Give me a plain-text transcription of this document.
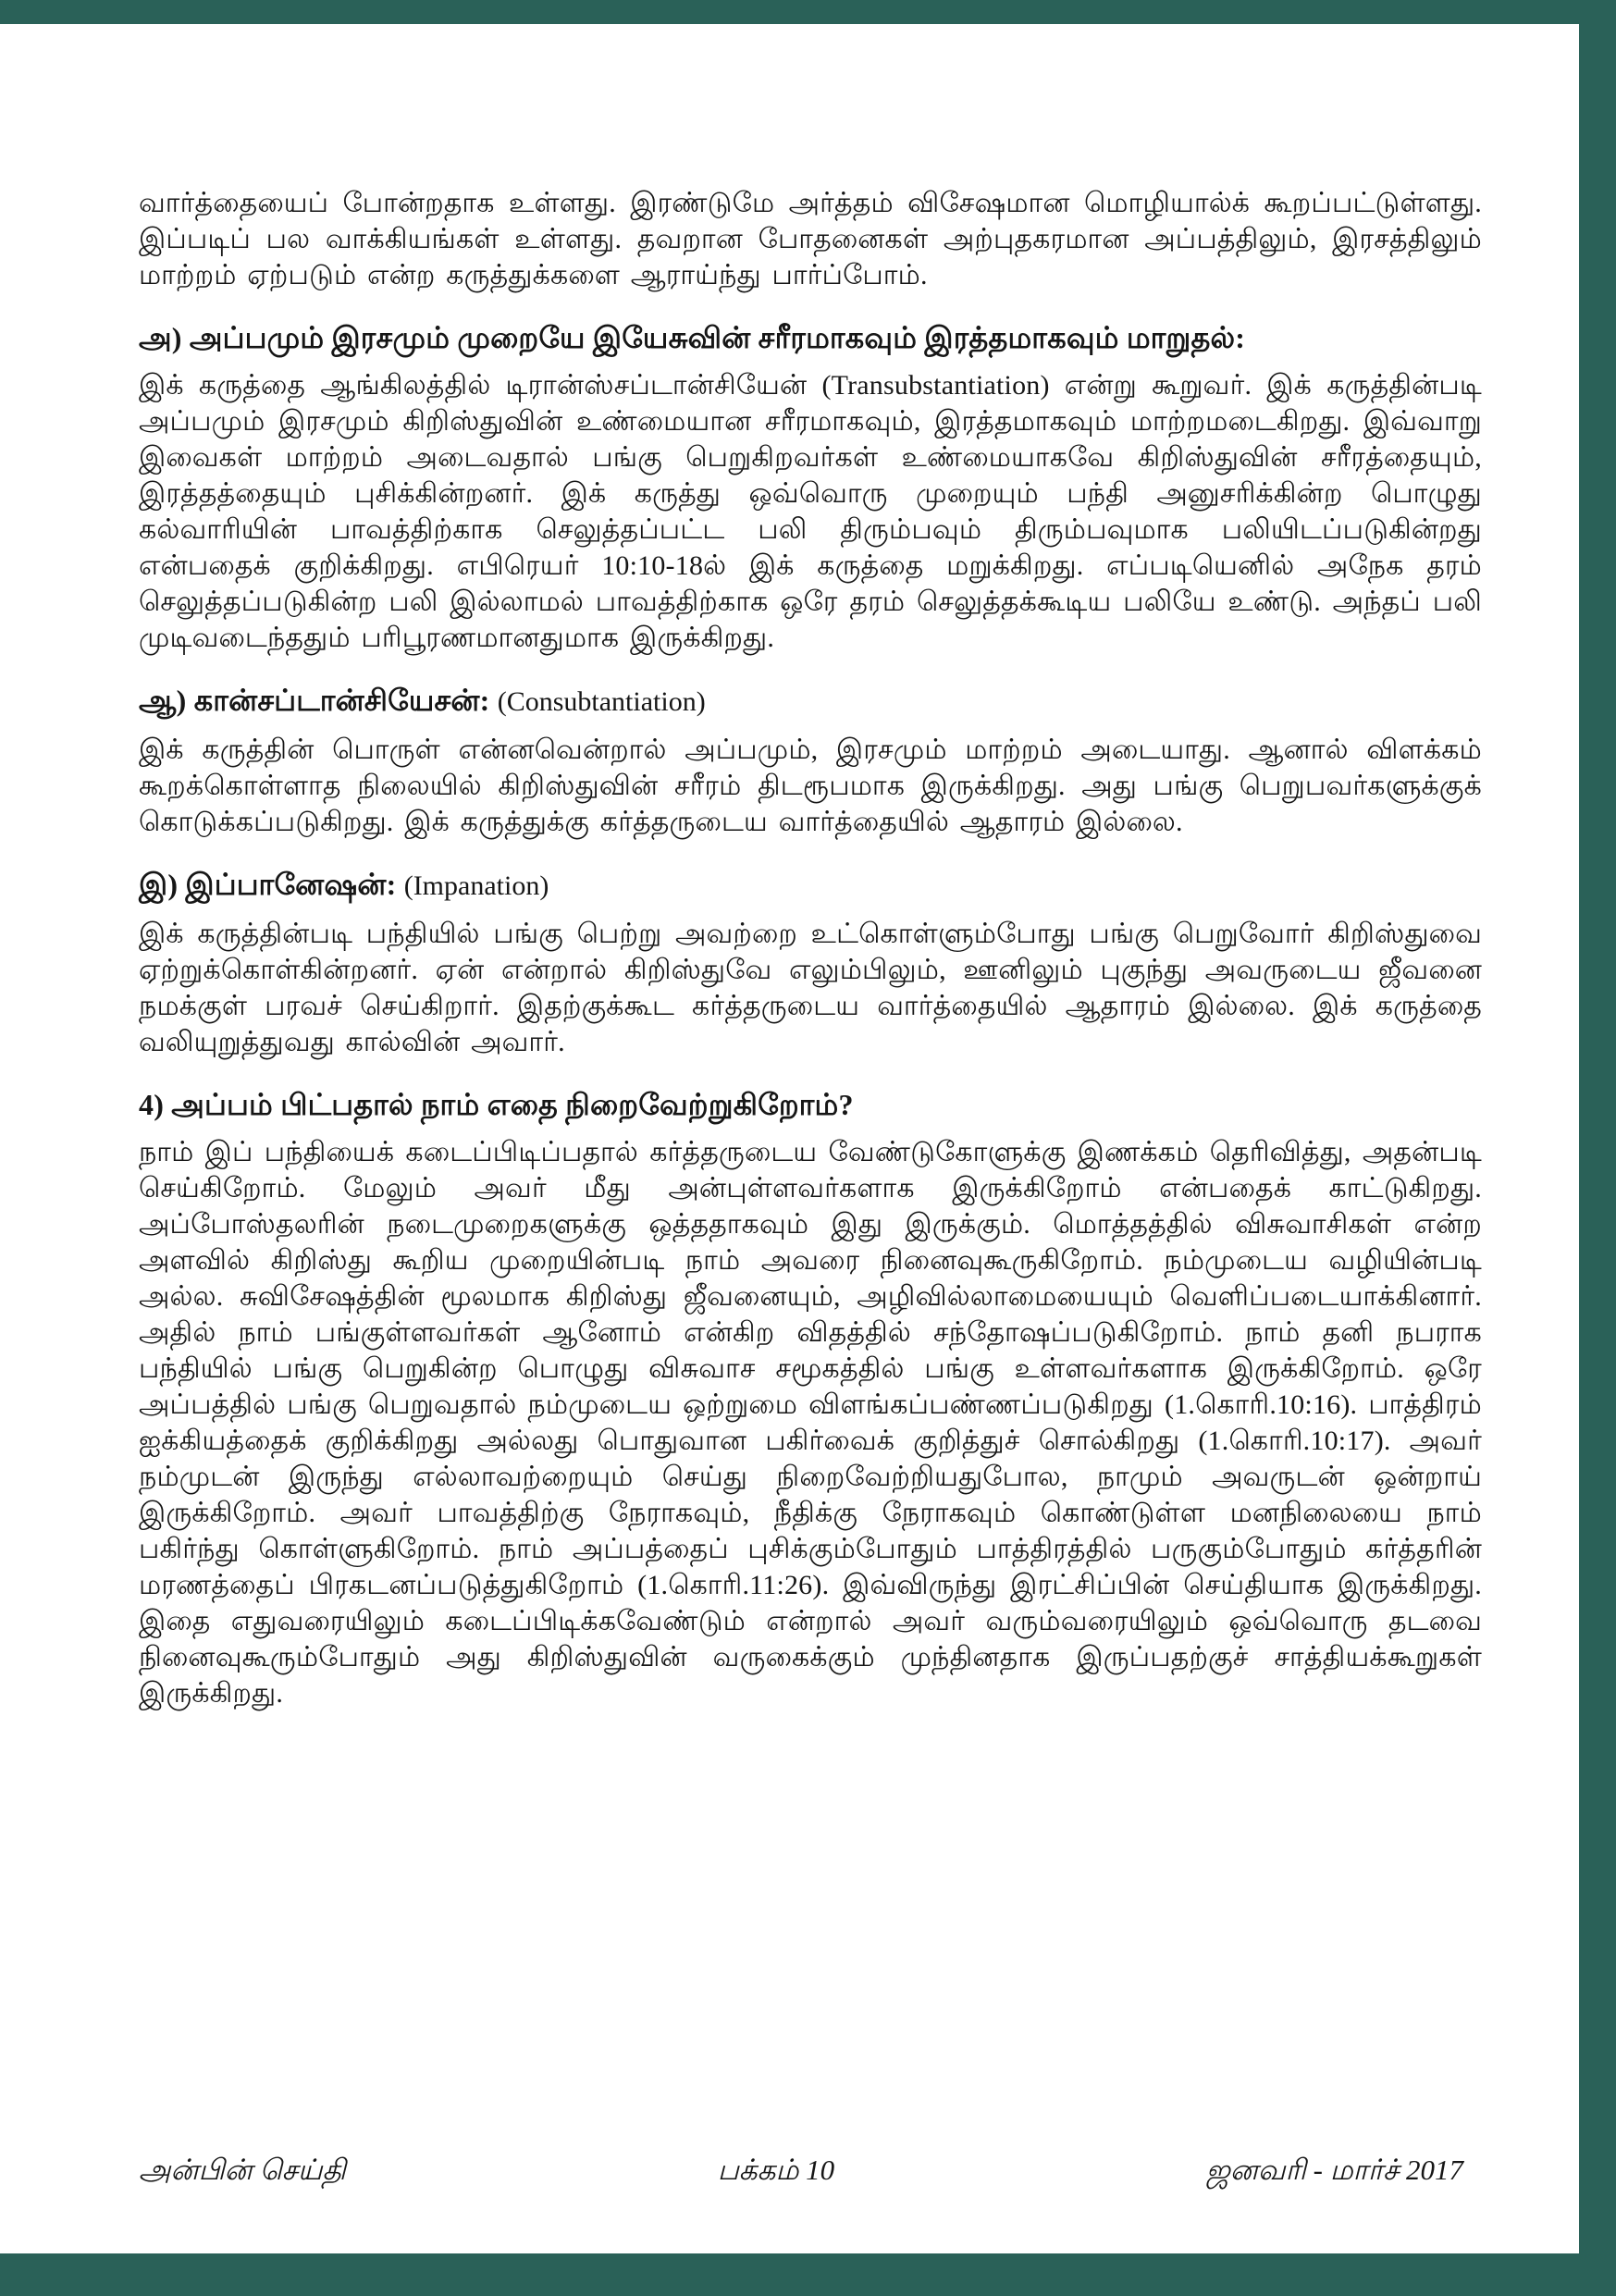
வார்த்தையைப் போன்றதாக உள்ளது. இரண்டுமே அர்த்தம் விசேஷமான மொழியால்க் கூறப்பட்டுள்ளது. இப்படிப் பல வாக்கியங்கள் உள்ளது. தவறான போதனைகள் அற்புதகரமான அப்பத்திலும், இரசத்திலும் மாற்றம் ஏற்படும் என்ற கருத்துக்களை ஆராய்ந்து பார்ப்போம்.

அ) அப்பமும் இரசமும் முறையே இயேசுவின் சரீரமாகவும் இரத்தமாகவும் மாறுதல்:

இக் கருத்தை ஆங்கிலத்தில் டிரான்ஸ்சப்டான்சியேன் (Transubstantiation) என்று கூறுவர். இக் கருத்தின்படி அப்பமும் இரசமும் கிறிஸ்துவின் உண்மையான சரீரமாகவும், இரத்தமாகவும் மாற்றமடைகிறது. இவ்வாறு இவைகள் மாற்றம் அடைவதால் பங்கு பெறுகிறவர்கள் உண்மையாகவே கிறிஸ்துவின் சரீரத்தையும், இரத்தத்தையும் புசிக்கின்றனர். இக் கருத்து ஒவ்வொரு முறையும் பந்தி அனுசரிக்கின்ற பொழுது கல்வாரியின் பாவத்திற்காக செலுத்தப்பட்ட பலி திரும்பவும் திரும்பவுமாக பலியிடப்படுகின்றது என்பதைக் குறிக்கிறது. எபிரெயர் 10:10-18ல் இக் கருத்தை மறுக்கிறது. எப்படியெனில் அநேக தரம் செலுத்தப்படுகின்ற பலி இல்லாமல் பாவத்திற்காக ஒரே தரம் செலுத்தக்கூடிய பலியே உண்டு. அந்தப் பலி முடிவடைந்ததும் பரிபூரணமானதுமாக இருக்கிறது.

ஆ) கான்சப்டான்சியேசன்: (Consubtantiation)

இக் கருத்தின் பொருள் என்னவென்றால் அப்பமும், இரசமும் மாற்றம் அடையாது. ஆனால் விளக்கம் கூறக்கொள்ளாத நிலையில் கிறிஸ்துவின் சரீரம் திடரூபமாக இருக்கிறது. அது பங்கு பெறுபவர்களுக்குக் கொடுக்கப்படுகிறது. இக் கருத்துக்கு கர்த்தருடைய வார்த்தையில் ஆதாரம் இல்லை.

இ) இப்பானேஷன்: (Impanation)

இக் கருத்தின்படி பந்தியில் பங்கு பெற்று அவற்றை உட்கொள்ளும்போது பங்கு பெறுவோர் கிறிஸ்துவை ஏற்றுக்கொள்கின்றனர். ஏன் என்றால் கிறிஸ்துவே எலும்பிலும், ஊனிலும் புகுந்து அவருடைய ஜீவனை நமக்குள் பரவச் செய்கிறார். இதற்குக்கூட கர்த்தருடைய வார்த்தையில் ஆதாரம் இல்லை. இக் கருத்தை வலியுறுத்துவது கால்வின் அவார்.

4) அப்பம் பிட்பதால் நாம் எதை நிறைவேற்றுகிறோம்?

நாம் இப் பந்தியைக் கடைப்பிடிப்பதால் கர்த்தருடைய வேண்டுகோளுக்கு இணக்கம் தெரிவித்து, அதன்படி செய்கிறோம். மேலும் அவர் மீது அன்புள்ளவர்களாக இருக்கிறோம் என்பதைக் காட்டுகிறது. அப்போஸ்தலரின் நடைமுறைகளுக்கு ஒத்ததாகவும் இது இருக்கும். மொத்தத்தில் விசுவாசிகள் என்ற அளவில் கிறிஸ்து கூறிய முறையின்படி நாம் அவரை நினைவுகூருகிறோம். நம்முடைய வழியின்படி அல்ல. சுவிசேஷத்தின் மூலமாக கிறிஸ்து ஜீவனையும், அழிவில்லாமையையும் வெளிப்படையாக்கினார். அதில் நாம் பங்குள்ளவர்கள் ஆனோம் என்கிற விதத்தில் சந்தோஷப்படுகிறோம். நாம் தனி நபராக பந்தியில் பங்கு பெறுகின்ற பொழுது விசுவாச சமூகத்தில் பங்கு உள்ளவர்களாக இருக்கிறோம். ஒரே அப்பத்தில் பங்கு பெறுவதால் நம்முடைய ஒற்றுமை விளங்கப்பண்ணப்படுகிறது (1.கொரி.10:16). பாத்திரம் ஐக்கியத்தைக் குறிக்கிறது அல்லது பொதுவான பகிர்வைக் குறித்துச் சொல்கிறது (1.கொரி.10:17). அவர் நம்முடன் இருந்து எல்லாவற்றையும் செய்து நிறைவேற்றியதுபோல, நாமும் அவருடன் ஒன்றாய் இருக்கிறோம். அவர் பாவத்திற்கு நேராகவும், நீதிக்கு நேராகவும் கொண்டுள்ள மனநிலையை நாம் பகிர்ந்து கொள்ளுகிறோம். நாம் அப்பத்தைப் புசிக்கும்போதும் பாத்திரத்தில் பருகும்போதும் கர்த்தரின் மரணத்தைப் பிரகடனப்படுத்துகிறோம் (1.கொரி.11:26). இவ்விருந்து இரட்சிப்பின் செய்தியாக இருக்கிறது. இதை எதுவரையிலும் கடைப்பிடிக்கவேண்டும் என்றால் அவர் வரும்வரையிலும் ஒவ்வொரு தடவை நினைவுகூரும்போதும் அது கிறிஸ்துவின் வருகைக்கும் முந்தினதாக இருப்பதற்குச் சாத்தியக்கூறுகள் இருக்கிறது.

அன்பின் செய்தி	பக்கம் 10	ஜனவரி - மார்ச் 2017
